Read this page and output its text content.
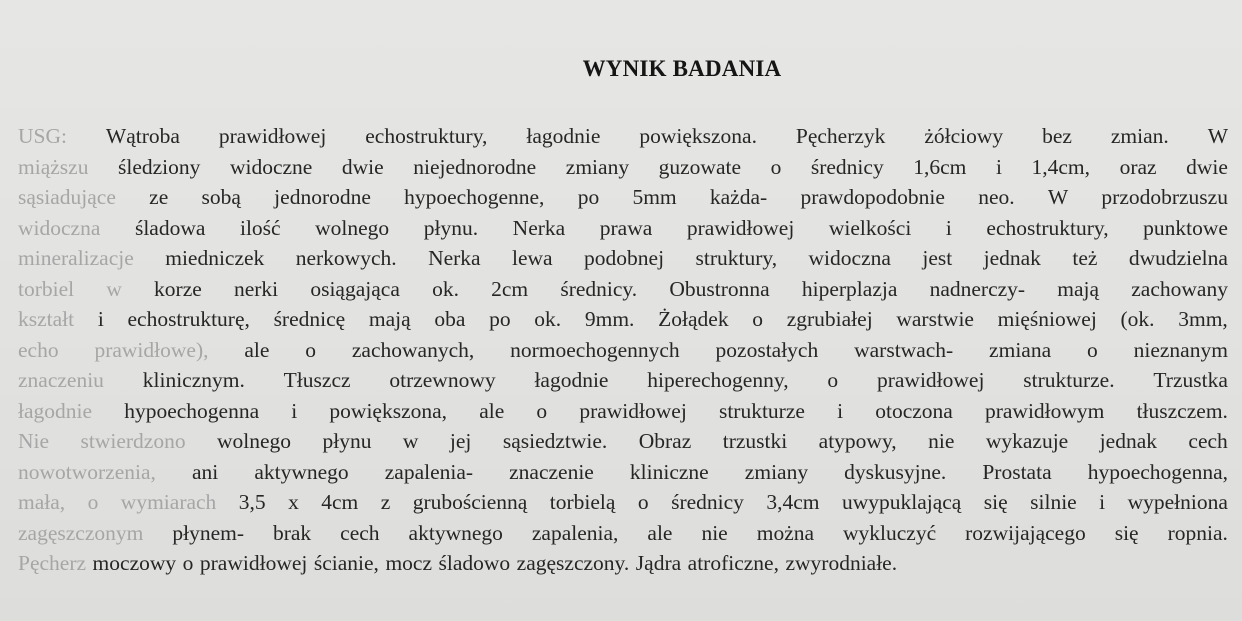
WYNIK BADANIA
USG: Wątroba prawidłowej echostruktury, łagodnie powiększona. Pęcherzyk żółciowy bez zmian. W
miąższu śledziony widoczne dwie niejednorodne zmiany guzowate o średnicy 1,6cm i 1,4cm, oraz dwie
sąsiadujące ze sobą jednorodne hypoechogenne, po 5mm każda- prawdopodobnie neo. W przodobrzuszu
widoczna śladowa ilość wolnego płynu. Nerka prawa prawidłowej wielkości i echostruktury, punktowe
mineralizacje miedniczek nerkowych. Nerka lewa podobnej struktury, widoczna jest jednak też dwudzielna
torbiel w korze nerki osiągająca ok. 2cm średnicy. Obustronna hiperplazja nadnerczy- mają zachowany
kształt i echostrukturę, średnicę mają oba po ok. 9mm. Żołądek o zgrubiałej warstwie mięśniowej (ok. 3mm,
echo prawidłowe), ale o zachowanych, normoechogennych pozostałych warstwach- zmiana o nieznanym
znaczeniu klinicznym. Tłuszcz otrzewnowy łagodnie hiperechogenny, o prawidłowej strukturze. Trzustka
łagodnie hypoechogenna i powiększona, ale o prawidłowej strukturze i otoczona prawidłowym tłuszczem.
Nie stwierdzono wolnego płynu w jej sąsiedztwie. Obraz trzustki atypowy, nie wykazuje jednak cech
nowotworzenia, ani aktywnego zapalenia- znaczenie kliniczne zmiany dyskusyjne. Prostata hypoechogenna,
mała, o wymiarach 3,5 x 4cm z grubościenną torbielą o średnicy 3,4cm uwypuklającą się silnie i wypełniona
zagęszczonym płynem- brak cech aktywnego zapalenia, ale nie można wykluczyć rozwijającego się ropnia.
Pęcherz moczowy o prawidłowej ścianie, mocz śladowo zagęszczony. Jądra atroficzne, zwyrodniałe.
